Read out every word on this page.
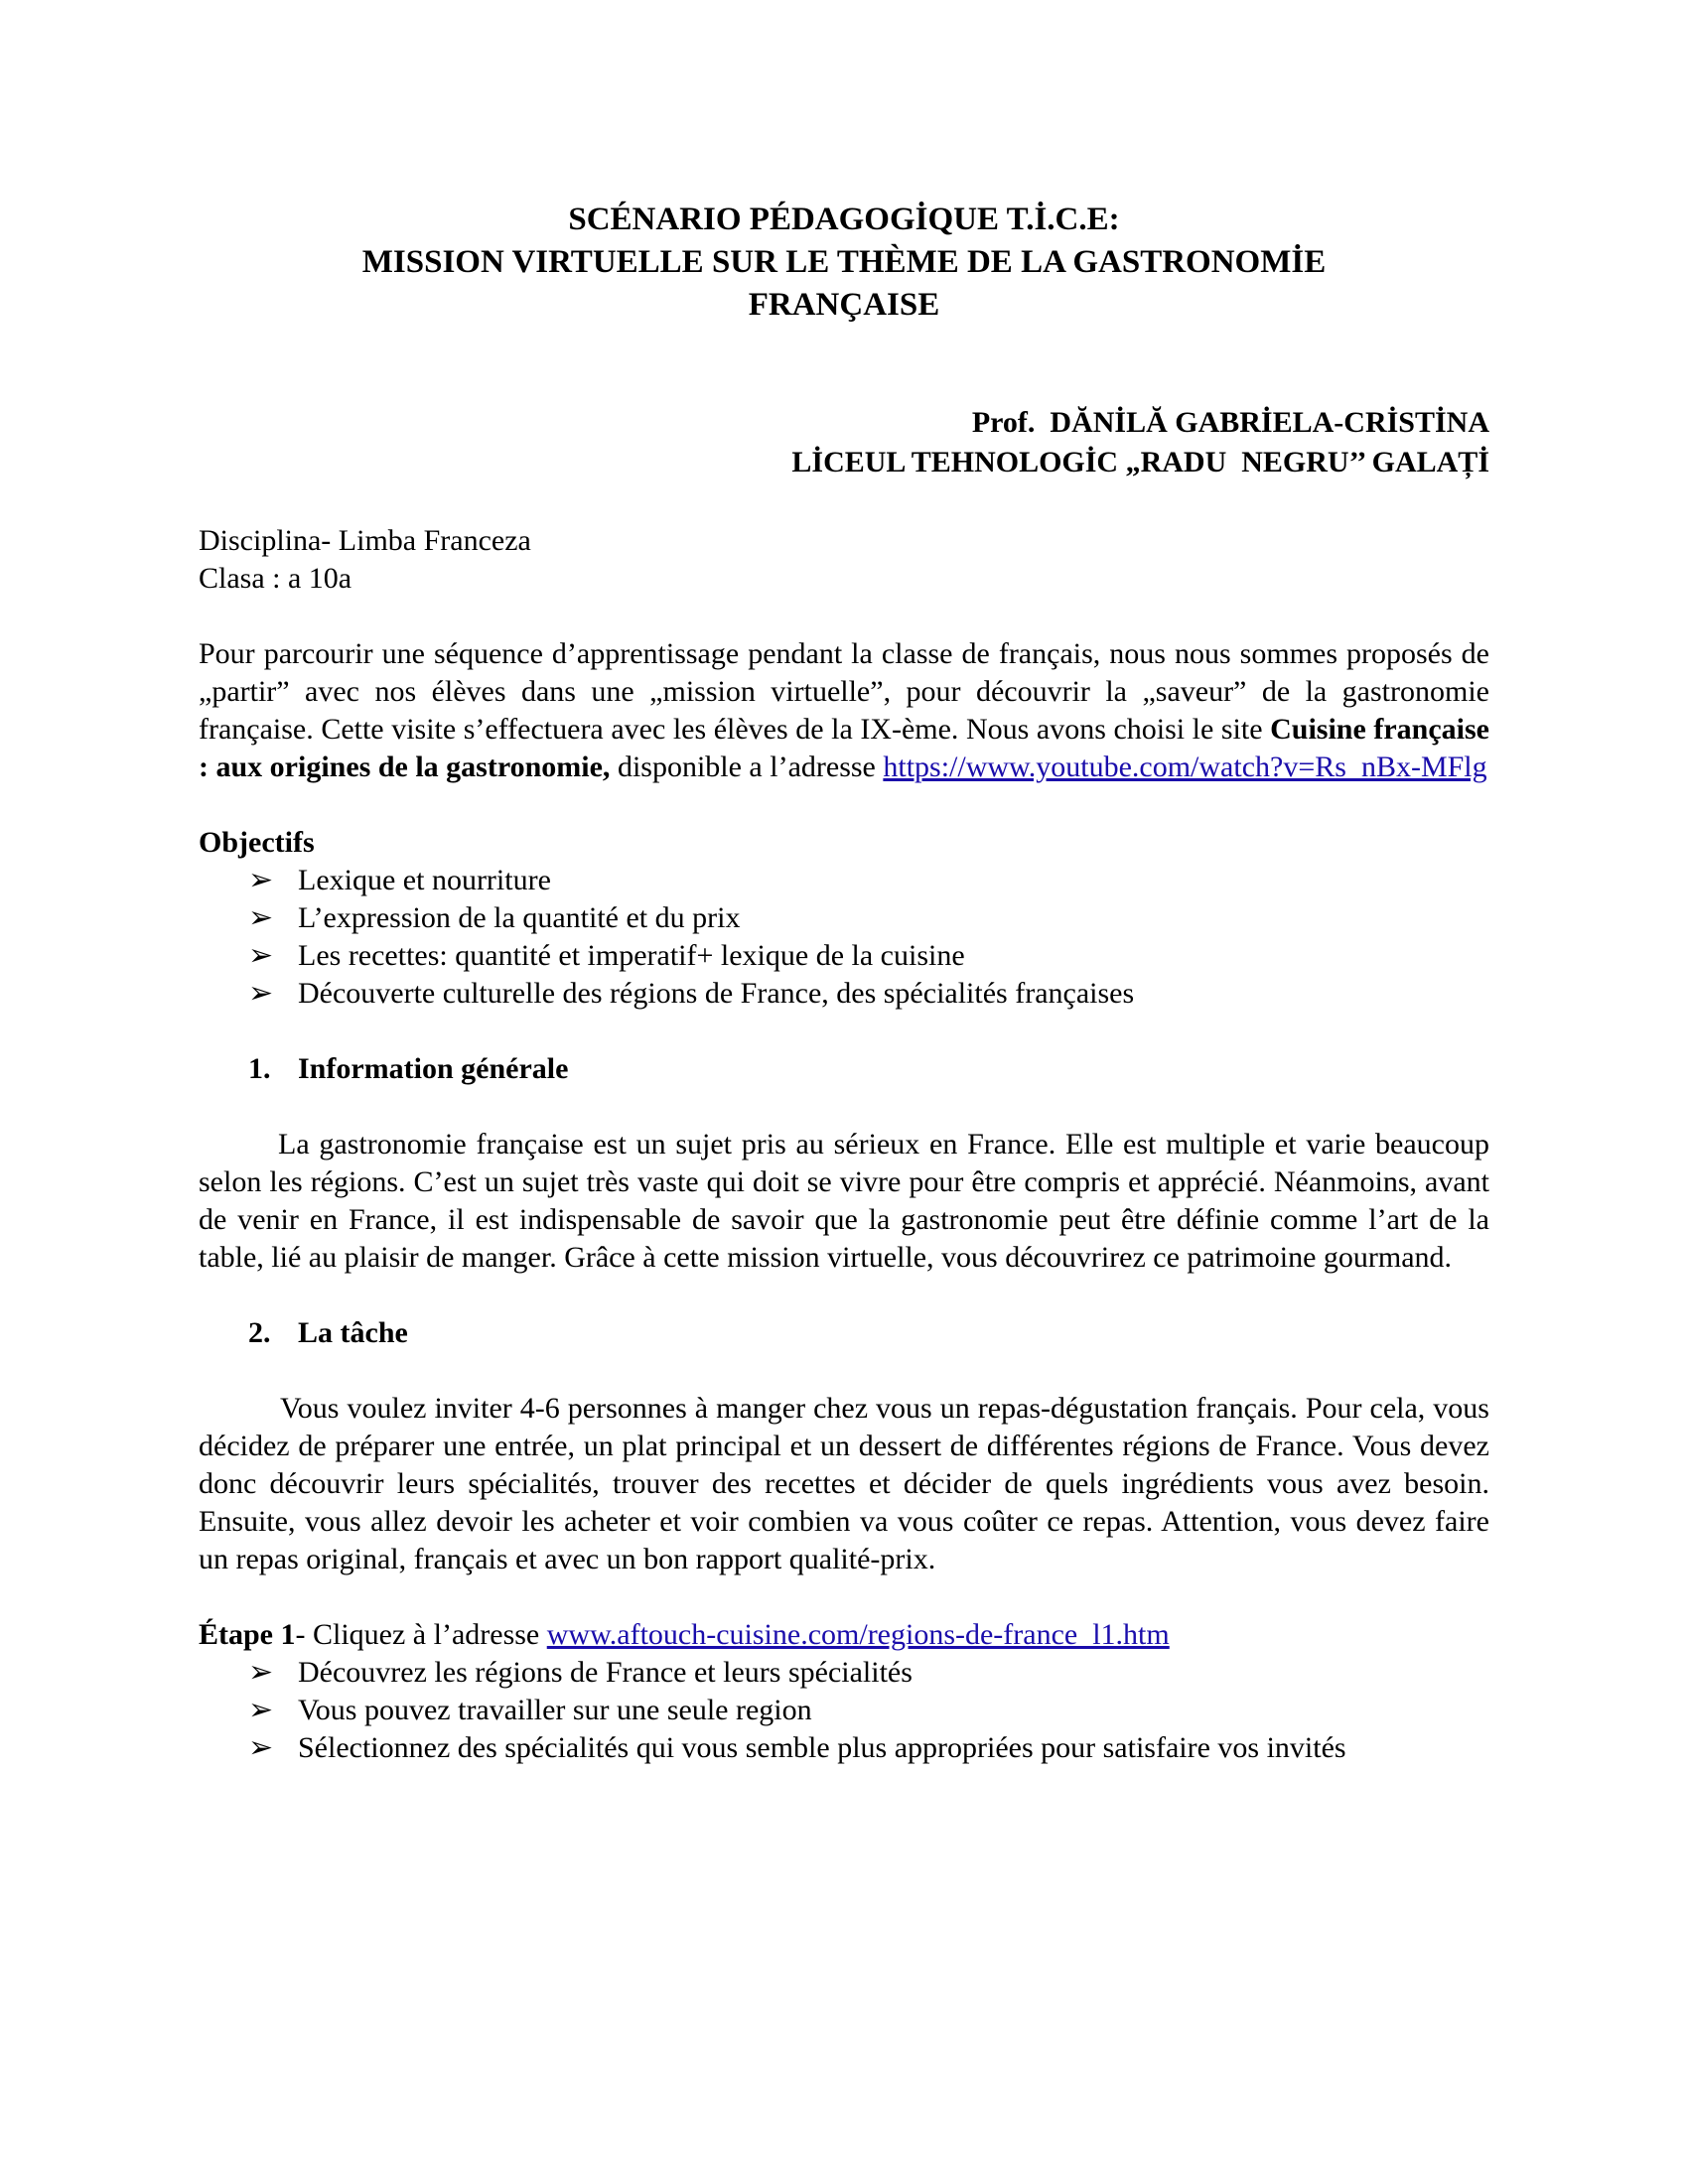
SCÉNARIO PÉDAGOGİQUE T.İ.C.E:
MISSION VIRTUELLE SUR LE THÈME DE LA GASTRONOMİE
FRANÇAISE
Prof.  DĂNİLĂ GABRİELA-CRİSTİNA
LİCEUL TEHNOLOGİC „RADU  NEGRU’’ GALAȚİ
Disciplina- Limba Franceza
Clasa : a 10a

Pour parcourir une séquence d’apprentissage pendant la classe de français, nous nous sommes proposés de „partir” avec nos élèves dans une „mission virtuelle”, pour découvrir la „saveur” de la gastronomie française. Cette visite s’effectuera avec les élèves de la IX-ème. Nous avons choisi le site Cuisine française : aux origines de la gastronomie, disponible a l’adresse https://www.youtube.com/watch?v=Rs_nBx-MFlg

Objectifs
➢ Lexique et nourriture
➢ L’expression de la quantité et du prix
➢ Les recettes: quantité et imperatif+ lexique de la cuisine
➢ Découverte culturelle des régions de France, des spécialités françaises
1. Information générale

La gastronomie française est un sujet pris au sérieux en France. Elle est multiple et varie beaucoup selon les régions. C’est un sujet très vaste qui doit se vivre pour être compris et apprécié. Néanmoins, avant de venir en France, il est indispensable de savoir que la gastronomie peut être définie comme l’art de la table, lié au plaisir de manger. Grâce à cette mission virtuelle, vous découvrirez ce patrimoine gourmand.

2. La tâche

Vous voulez inviter 4-6 personnes à manger chez vous un repas-dégustation français. Pour cela, vous décidez de préparer une entrée, un plat principal et un dessert de différentes régions de France. Vous devez donc découvrir leurs spécialités, trouver des recettes et décider de quels ingrédients vous avez besoin. Ensuite, vous allez devoir les acheter et voir combien va vous coûter ce repas. Attention, vous devez faire un repas original, français et avec un bon rapport qualité-prix.

Étape 1- Cliquez à l’adresse www.aftouch-cuisine.com/regions-de-france_l1.htm
➢ Découvrez les régions de France et leurs spécialités
➢ Vous pouvez travailler sur une seule region
➢ Sélectionnez des spécialités qui vous semble plus appropriées pour satisfaire vos invités
